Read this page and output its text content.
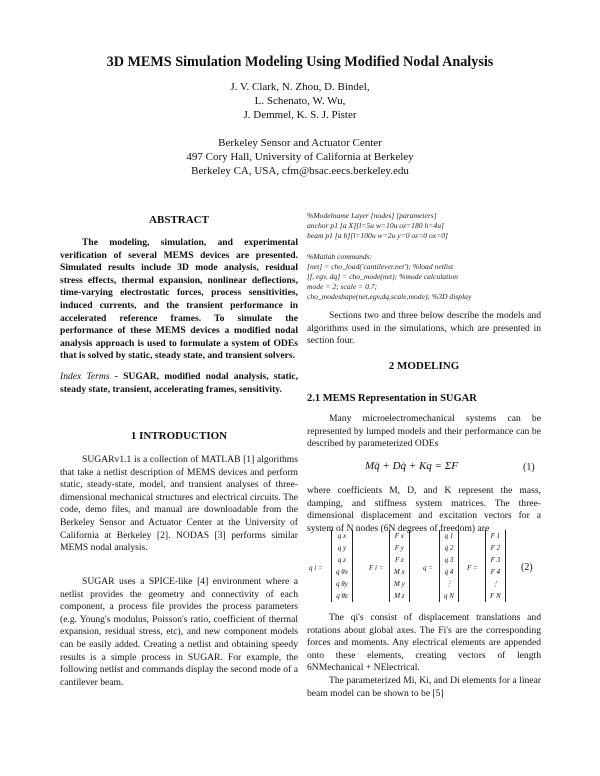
3D MEMS Simulation Modeling Using Modified Nodal Analysis
J. V. Clark, N. Zhou, D. Bindel,
L. Schenato, W. Wu,
J. Demmel, K. S. J. Pister
Berkeley Sensor and Actuator Center
497 Cory Hall, University of California at Berkeley
Berkeley CA, USA, cfm@bsac.eecs.berkeley.edu
ABSTRACT

The modeling, simulation, and experimental verification of several MEMS devices are presented. Simulated results include 3D mode analysis, residual stress effects, thermal expansion, nonlinear deflections, time-varying electrostatic forces, process sensitivities, induced currents, and the transient performance in accelerated reference frames. To simulate the performance of these MEMS devices a modified nodal analysis approach is used to formulate a system of ODEs that is solved by static, steady state, and transient solvers.

Index Terms - SUGAR, modified nodal analysis, static, steady state, transient, accelerating frames, sensitivity.

1 INTRODUCTION

SUGARv1.1 is a collection of MATLAB [1] algorithms that take a netlist description of MEMS devices and perform static, steady-state, model, and transient analyses of three-dimensional mechanical structures and electrical circuits. The code, demo files, and manual are downloadable from the Berkeley Sensor and Actuator Center at the University of California at Berkeley [2]. NODAS [3] performs similar MEMS nodal analysis.

SUGAR uses a SPICE-like [4] environment where a netlist provides the geometry and connectivity of each component, a process file provides the process parameters (e.g. Young's modulus, Poisson's ratio, coefficient of thermal expansion, residual stress, etc), and new component models can be easily added. Creating a netlist and obtaining speedy results is a simple process in SUGAR. For example, the following netlist and commands display the second mode of a cantilever beam.

%Modelname Layer [nodes] [parameters]

anchor p1 [a X][l=5u w=10u oz=180 h=4u]

beam p1 [a b][l=100u w=2u y=0 oz=0 ox=0]

%Matlab commands:

[net] = cho_load('cantilever.net'); %load netlist

[f, egv, dq] = cho_mode(net); %mode calculation

mode = 2; scale = 0.7;

cho_modeshape(net,egv,dq,scale,mode); %3D display

Sections two and three below describe the models and algorithms used in the simulations, which are presented in section four.

2 MODELING
2.1 MEMS Representation in SUGAR

Many microelectromechanical systems can be represented by lumped models and their performance can be described by parameterized ODEs

Mq̈ + Dq̇ + Kq = ΣF	(1)

where coefficients M, D, and K represent the mass, damping, and stiffness system matrices. The three-dimensional displacement and excitation vectors for a system of N nodes (6N degrees of freedom) are

q i =
q x
q y
q z
q θx
q θy
q θz
F i =
F x
F y
F z
M x
M y
M z
q =
q 1
q 2
q 3
q 4
⋮
q N
F =
F 1
F 2
F 3
F 4
⋮
F N
(2)

The qi's consist of displacement translations and rotations about global axes. The Fi's are the corresponding forces and moments. Any electrical elements are appended onto these elements, creating vectors of length 6NMechanical + NElectrical.

The parameterized Mi, Ki, and Di elements for a linear beam model can be shown to be [5]
